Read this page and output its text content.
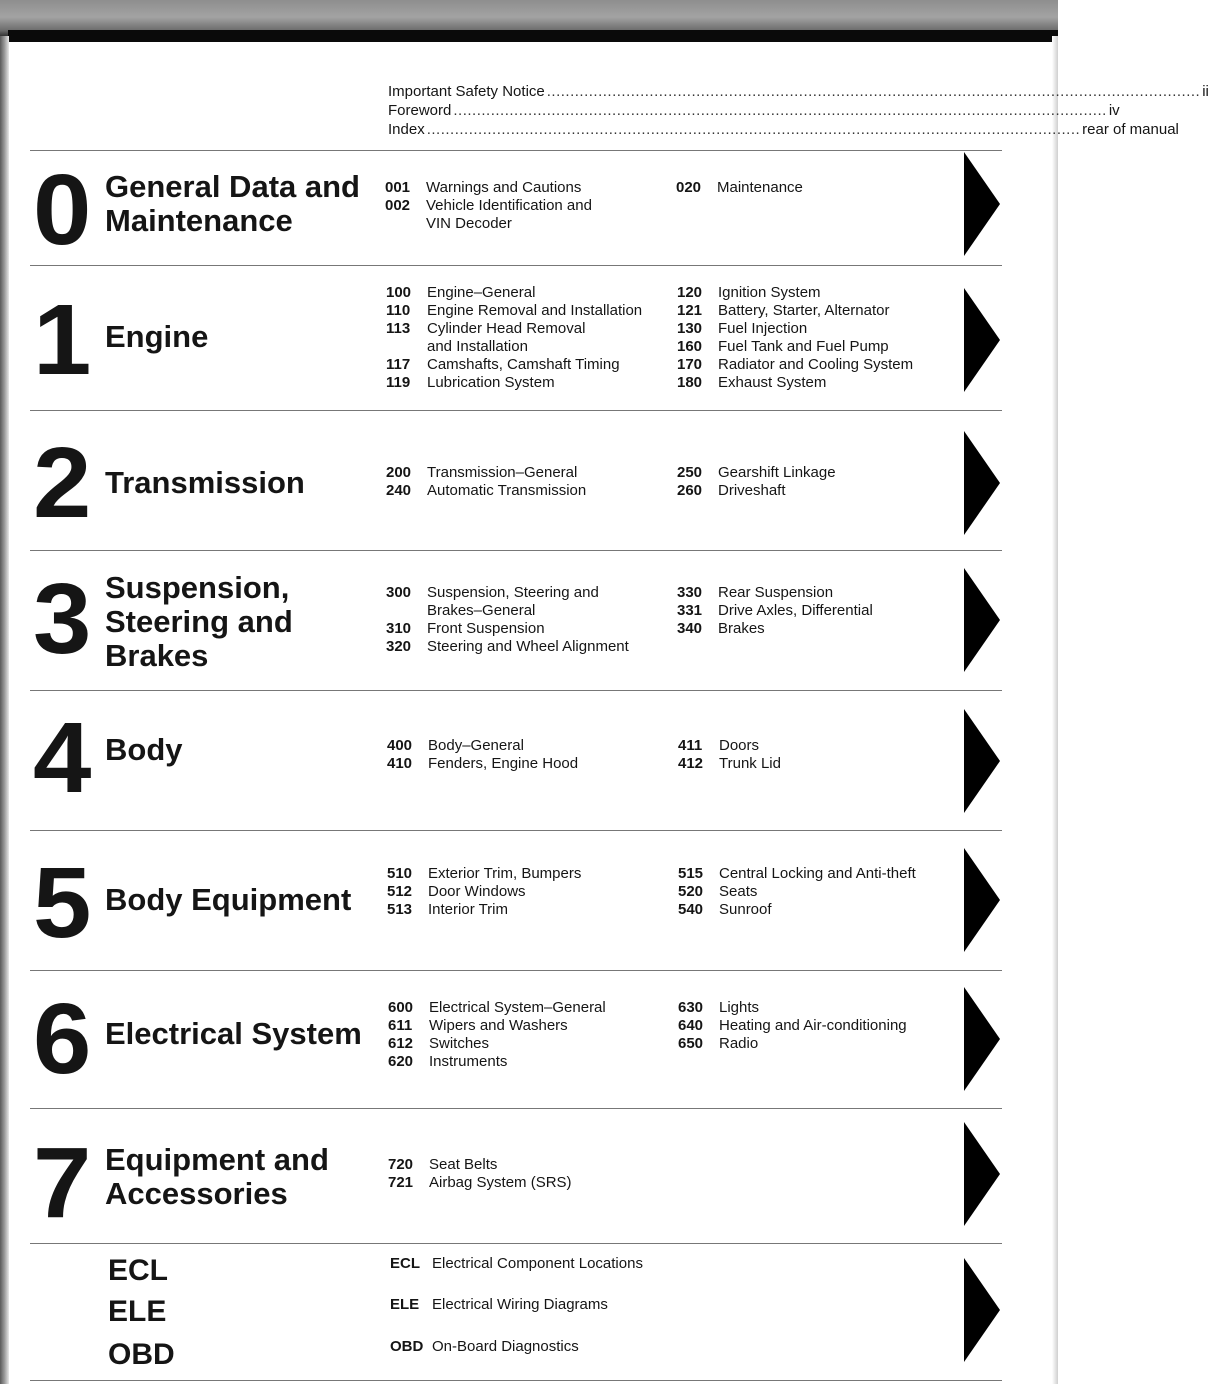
Important Safety Notice ............................................................................................................................................ ii
Foreword ............................................................................................................................................ iv
Index ............................................................................................................................................ rear of manual
0 General Data and
Maintenance
001	Warnings and Cautions
002	Vehicle Identification and
VIN Decoder
020	Maintenance
1 Engine
100	Engine–General
110	Engine Removal and Installation
113	Cylinder Head Removal
and Installation
117	Camshafts, Camshaft Timing
119	Lubrication System
120	Ignition System
121	Battery, Starter, Alternator
130	Fuel Injection
160	Fuel Tank and Fuel Pump
170	Radiator and Cooling System
180	Exhaust System
2 Transmission	200	Transmission–General
240	Automatic Transmission
250	Gearshift Linkage
260	Driveshaft
3 Suspension,
Steering and
Brakes
300	Suspension, Steering and
Brakes–General
310	Front Suspension
320	Steering and Wheel Alignment
330	Rear Suspension
331	Drive Axles, Differential
340	Brakes
4 Body	400	Body–General
410	Fenders, Engine Hood
411	Doors
412	Trunk Lid
5 Body Equipment
510	Exterior Trim, Bumpers
512	Door Windows
513	Interior Trim
515	Central Locking and Anti-theft
520	Seats
540	Sunroof
6 Electrical System
600	Electrical System–General
611	Wipers and Washers
612	Switches
620	Instruments
630	Lights
640	Heating and Air-conditioning
650	Radio
7 Equipment and
Accessories
720	Seat Belts
721	Airbag System (SRS)
ECL
ELE
OBD
ECL Electrical Component Locations
ELE Electrical Wiring Diagrams
OBD On-Board Diagnostics
